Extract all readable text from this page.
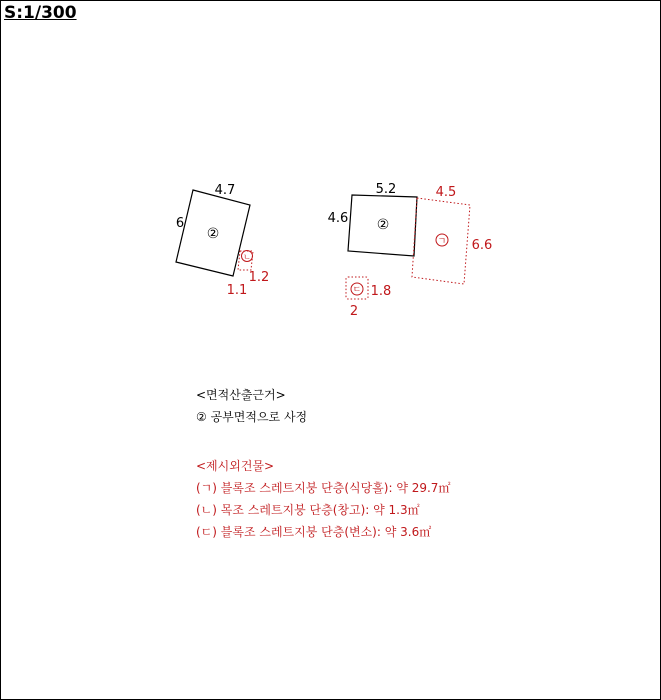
S:1/300
ㄴ
ㄱ
ㄷ
②
②
4.7
6
1.2
1.1
5.2
4.6
4.5
6.6
1.8
2
<면적산출근거>
② 공부면적으로 사정
<제시외건물>
(ㄱ) 블록조 스레트지붕 단층(식당홀): 약 29.7㎡
(ㄴ) 목조 스레트지붕 단층(창고): 약 1.3㎡
(ㄷ) 블록조 스레트지붕 단층(변소): 약 3.6㎡
